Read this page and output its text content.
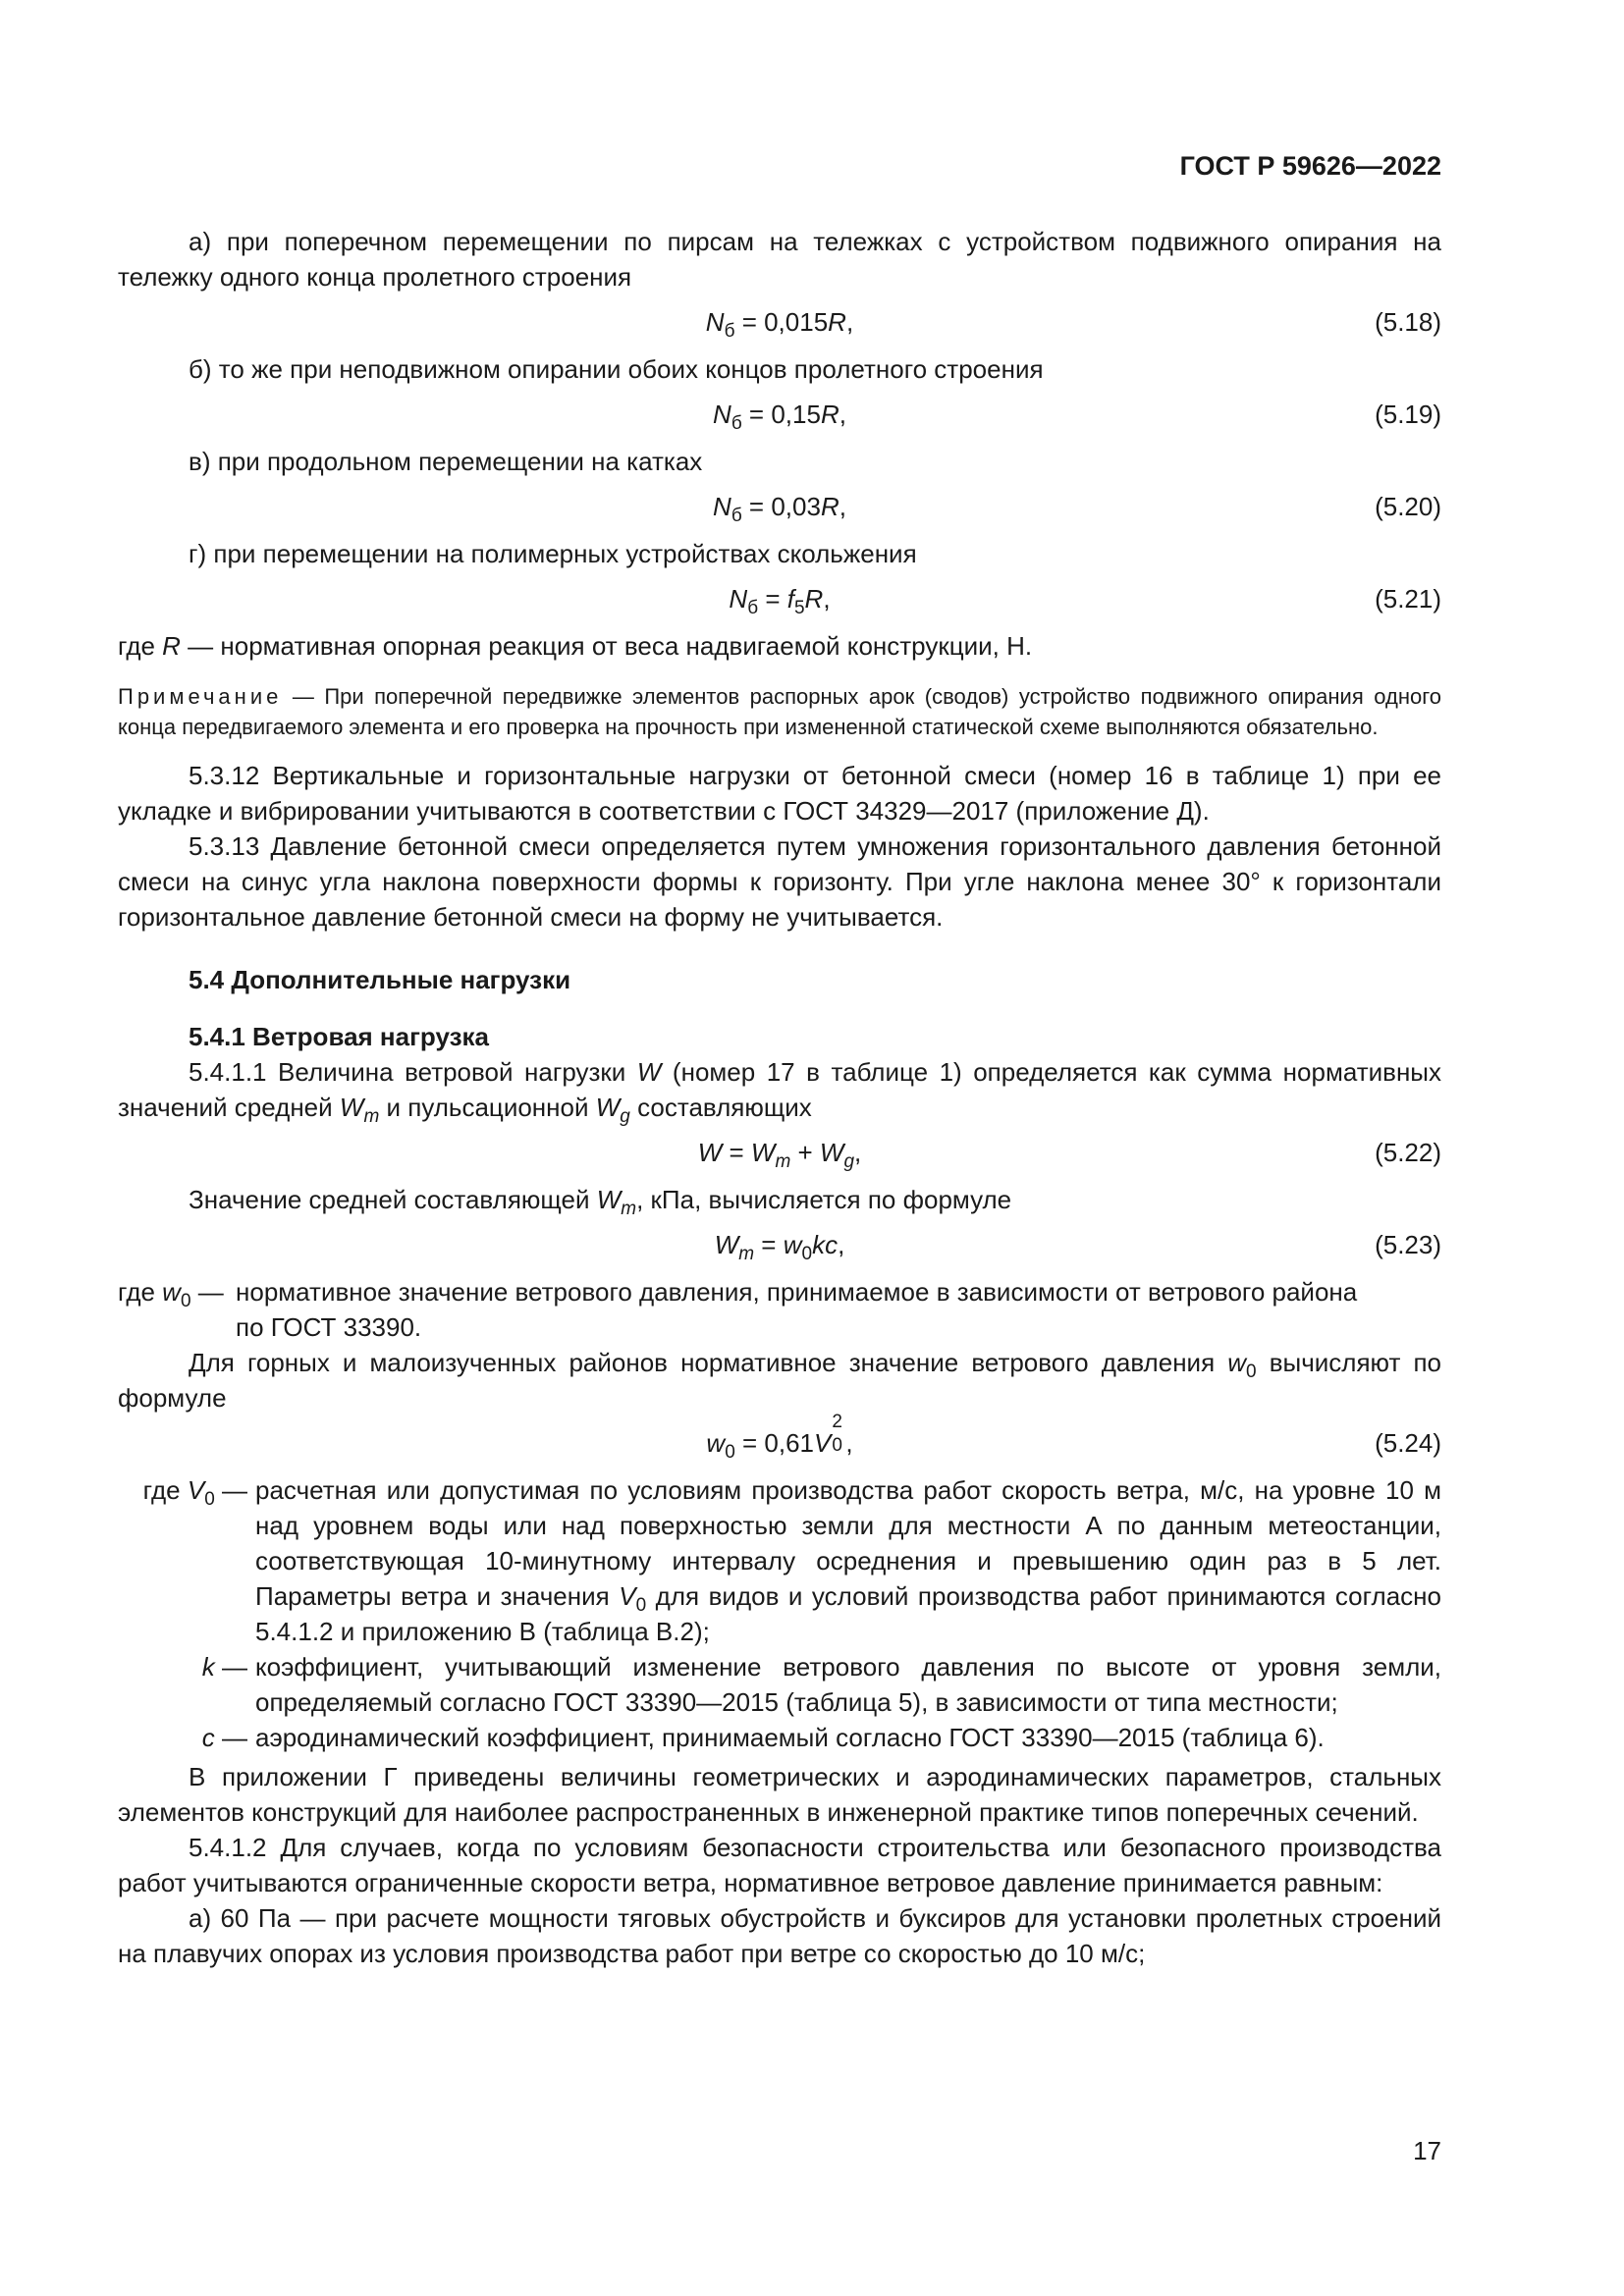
ГОСТ Р 59626—2022

а) при поперечном перемещении по пирсам на тележках с устройством подвижного опирания на тележку одного конца пролетного строения

$N_б = 0,015R$,	(5.18)

б) то же при неподвижном опирании обоих концов пролетного строения

$N_б = 0,15R$,	(5.19)

в) при продольном перемещении на катках

$N_б = 0,03R$,	(5.20)

г) при перемещении на полимерных устройствах скольжения

$N_б = f_5R$,	(5.21)

где R — нормативная опорная реакция от веса надвигаемой конструкции, Н.

Примечание — При поперечной передвижке элементов распорных арок (сводов) устройство подвижного опирания одного конца передвигаемого элемента и его проверка на прочность при измененной статической схеме выполняются обязательно.

5.3.12 Вертикальные и горизонтальные нагрузки от бетонной смеси (номер 16 в таблице 1) при ее укладке и вибрировании учитываются в соответствии с ГОСТ 34329—2017 (приложение Д).

5.3.13 Давление бетонной смеси определяется путем умножения горизонтального давления бетонной смеси на синус угла наклона поверхности формы к горизонту. При угле наклона менее 30° к горизонтали горизонтальное давление бетонной смеси на форму не учитывается.

5.4 Дополнительные нагрузки

5.4.1 Ветровая нагрузка

5.4.1.1 Величина ветровой нагрузки W (номер 17 в таблице 1) определяется как сумма нормативных значений средней $W_m$ и пульсационной $W_g$ составляющих

$W = W_m + W_g$,	(5.22)

Значение средней составляющей $W_m$, кПа, вычисляется по формуле

$W_m = w_0kc$,	(5.23)
где $w_0$ — нормативное значение ветрового давления, принимаемое в зависимости от ветрового района
по ГОСТ 33390.

Для горных и малоизученных районов нормативное значение ветрового давления $w_0$ вычисляют по формуле

$w_0 = 0,61V$
2
0 ,	(5.24)
где $V_0$ — расчетная или допустимая по условиям производства работ скорость ветра, м/с, на уровне 10 м над уровнем воды или над поверхностью земли для местности А по данным метеостанции, соответствующая 10-минутному интервалу осреднения и превышению один раз в 5 лет. Параметры ветра и значения $V_0$ для видов и условий производства работ принимаются согласно 5.4.1.2 и приложению В (таблица В.2);
k — коэффициент, учитывающий изменение ветрового давления по высоте от уровня земли, определяемый согласно ГОСТ 33390—2015 (таблица 5), в зависимости от типа местности;
c — аэродинамический коэффициент, принимаемый согласно ГОСТ 33390—2015 (таблица 6).

В приложении Г приведены величины геометрических и аэродинамических параметров, стальных элементов конструкций для наиболее распространенных в инженерной практике типов поперечных сечений.

5.4.1.2 Для случаев, когда по условиям безопасности строительства или безопасного производства работ учитываются ограниченные скорости ветра, нормативное ветровое давление принимается равным:

а) 60 Па — при расчете мощности тяговых обустройств и буксиров для установки пролетных строений на плавучих опорах из условия производства работ при ветре со скоростью до 10 м/с;

17
